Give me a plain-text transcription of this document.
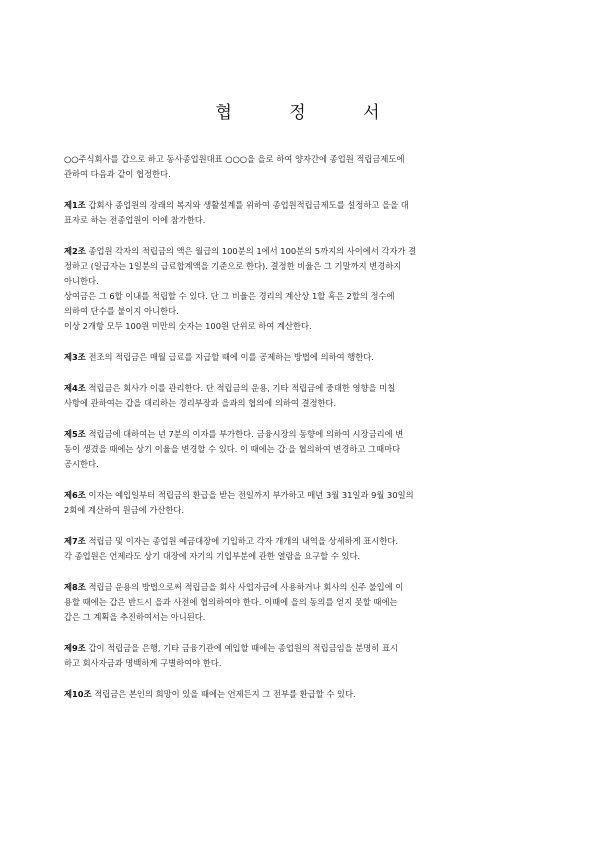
협 정 서

○○주식회사를 갑으로 하고 동사종업원대표 ○○○을 을로 하여 양자간에 종업원 적립금제도에
관하여 다음과 같이 협정한다.

제1조 갑회사 종업원의 장래의 복지와 생활설계를 위하여 종업원적립금제도를 설정하고 을을 대
표자로 하는 전종업원이 이에 참가한다.

제2조 종업원 각자의 적립금의 액은 월급의 100분의 1에서 100분의 5까지의 사이에서 각자가 결
정하고 (일급자는 1일분의 급료합계액을 기준으로 한다). 결정한 비율은 그 기말까지 변경하지
아니한다.
상여금은 그 6할 이내를 적립할 수 있다. 단 그 비율은 경리의 계산상 1할 혹은 2할의 정수에
의하여 단수를 붙이지 아니한다.
이상 2개항 모두 100원 미만의 숫자는 100원 단위로 하여 계산한다.

제3조 전조의 적립금은 매월 급료를 지급할 때에 이를 공제하는 방법에 의하여 행한다.

제4조 적립금은 회사가 이를 관리한다. 단 적립금의 운용, 기타 적립금에 중대한 영향을 미칠
사항에 관하여는 갑을 대리하는 경리부장과 을과의 협의에 의하여 결정한다.

제5조 적립금에 대하여는 년 7분의 이자를 부가한다. 금융시장의 동향에 의하여 시장금리에 변
동이 생겼을 때에는 상기 이율을 변경할 수 있다. 이 때에는 갑·을 협의하여 변경하고 그때마다
공시한다.

제6조 이자는 예입일부터 적립금의 환급을 받는 전일까지 부가하고 매년 3월 31일과 9월 30일의
2회에 계산하여 원금에 가산한다.

제7조 적립금 및 이자는 종업원 예금대장에 기입하고 각자 개개의 내역을 상세하게 표시한다.
각 종업원은 언제라도 상기 대장에 자기의 기입부분에 관한 열람을 요구할 수 있다.

제8조 적립금 운용의 방법으로써 적립금을 회사 사업자금에 사용하거나 회사의 신주 불입에 이
용할 때에는 갑은 반드시 을과 사전에 협의하여야 한다. 이때에 을의 동의를 얻지 못할 때에는
갑은 그 계획을 추진하여서는 아니된다.

제9조 갑이 적립금을 은행, 기타 금융기관에 예입할 때에는 종업원의 적립금임을 분명히 표시
하고 회사자금과 명백하게 구별하여야 한다.

제10조 적립금은 본인의 희망이 있을 때에는 언제든지 그 전부를 환급할 수 있다.
